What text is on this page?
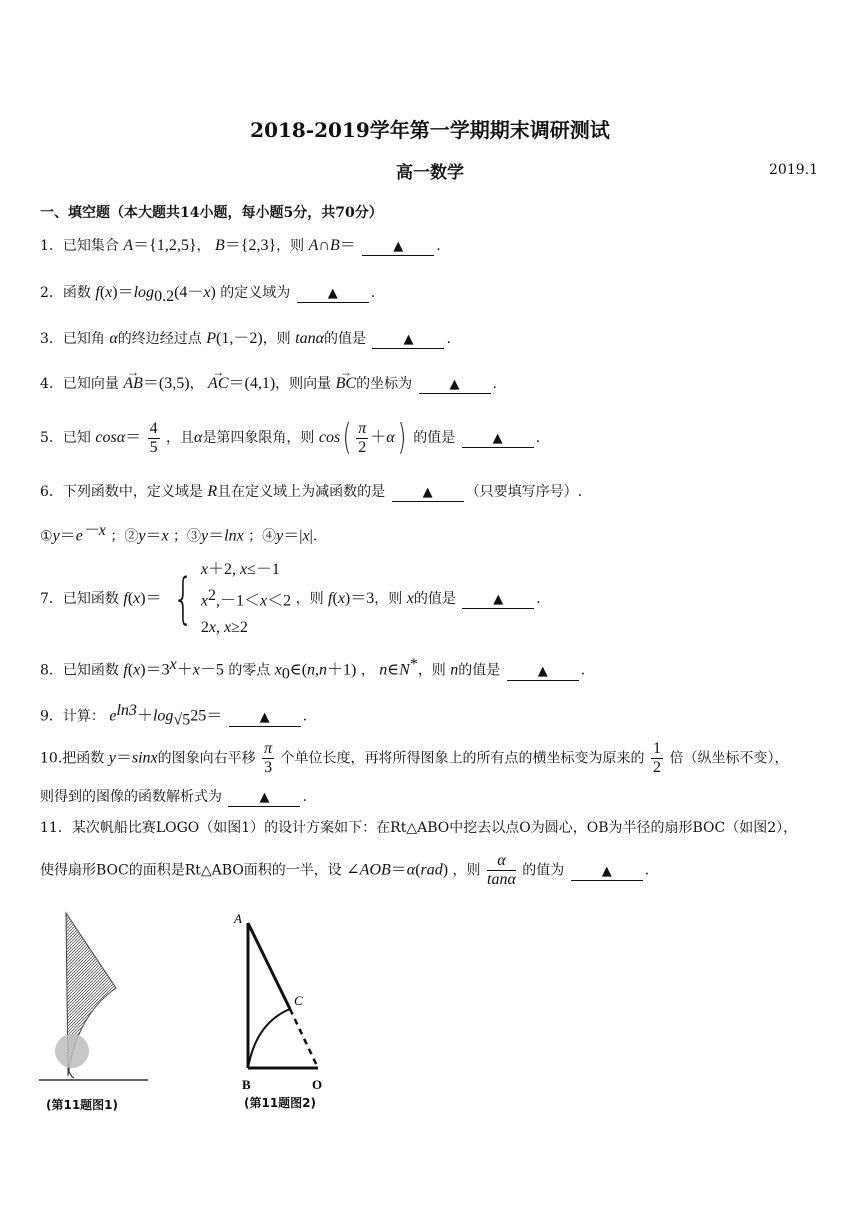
2018-2019学年第一学期期末调研测试
高一数学	2019.1
一、填空题（本大题共14小题，每小题5分，共70分）
1．已知集合 A＝{1,2,5}， B＝{2,3}，则 A∩B＝	▲ .
2．函数 $f(x)=\log_{0.2}(4-x)$ 的定义域为	▲ .
3．已知角 α的终边经过点 P(1,－2)，则 tanα的值是	▲ .
4．已知向量 → AB＝(3,5)， → AC＝(4,1)，则向量 → BC的坐标为	▲ .
5．已知 $\cos\alpha= \frac{4}{5}$ ，且α是第四象限角，则 $\cos( \frac{\pi}{2} +\alpha)$ 的值是	▲ .
6．下列函数中，定义域是 R且在定义域上为减函数的是	▲ （只要填写序号）.
$①y=e^{-x}$ ；②y＝x ；③y＝lnx ；④y＝|x|.
7．已知函数 f(x)＝ { x＋2, x≤－1
$x^2,-1<x<2$
2x, x≥2
，则 f(x)＝3，则 x的值是	▲ .
8．已知函数 $f(x)=3^x+x-5$ 的零点 $x_0\in(n,n+1)$ ， n∈N*，则 n的值是	▲ .
9．计算： $e^{ln3}+\log_{√5}25=$	▲ .
10.把函数 y＝sinx的图象向右平移 $\frac{\pi}{3}$ 个单位长度，再将所得图象上的所有点的横坐标变为原来的 $\frac{1}{2}$ 倍（纵坐标不变），
则得到的图像的函数解析式为	▲ .
11．某次帆船比赛LOGO（如图1）的设计方案如下：在Rt△ABO中挖去以点O为圆心，OB为半径的扇形BOC（如图2），
使得扇形BOC的面积是Rt△ABO面积的一半，设 ∠AOB＝α(rad) ，则 $\frac{\alpha}{\tan\alpha}$ 的值为	▲ .
(第11题图1)
A
C
B	O
(第11题图2)
